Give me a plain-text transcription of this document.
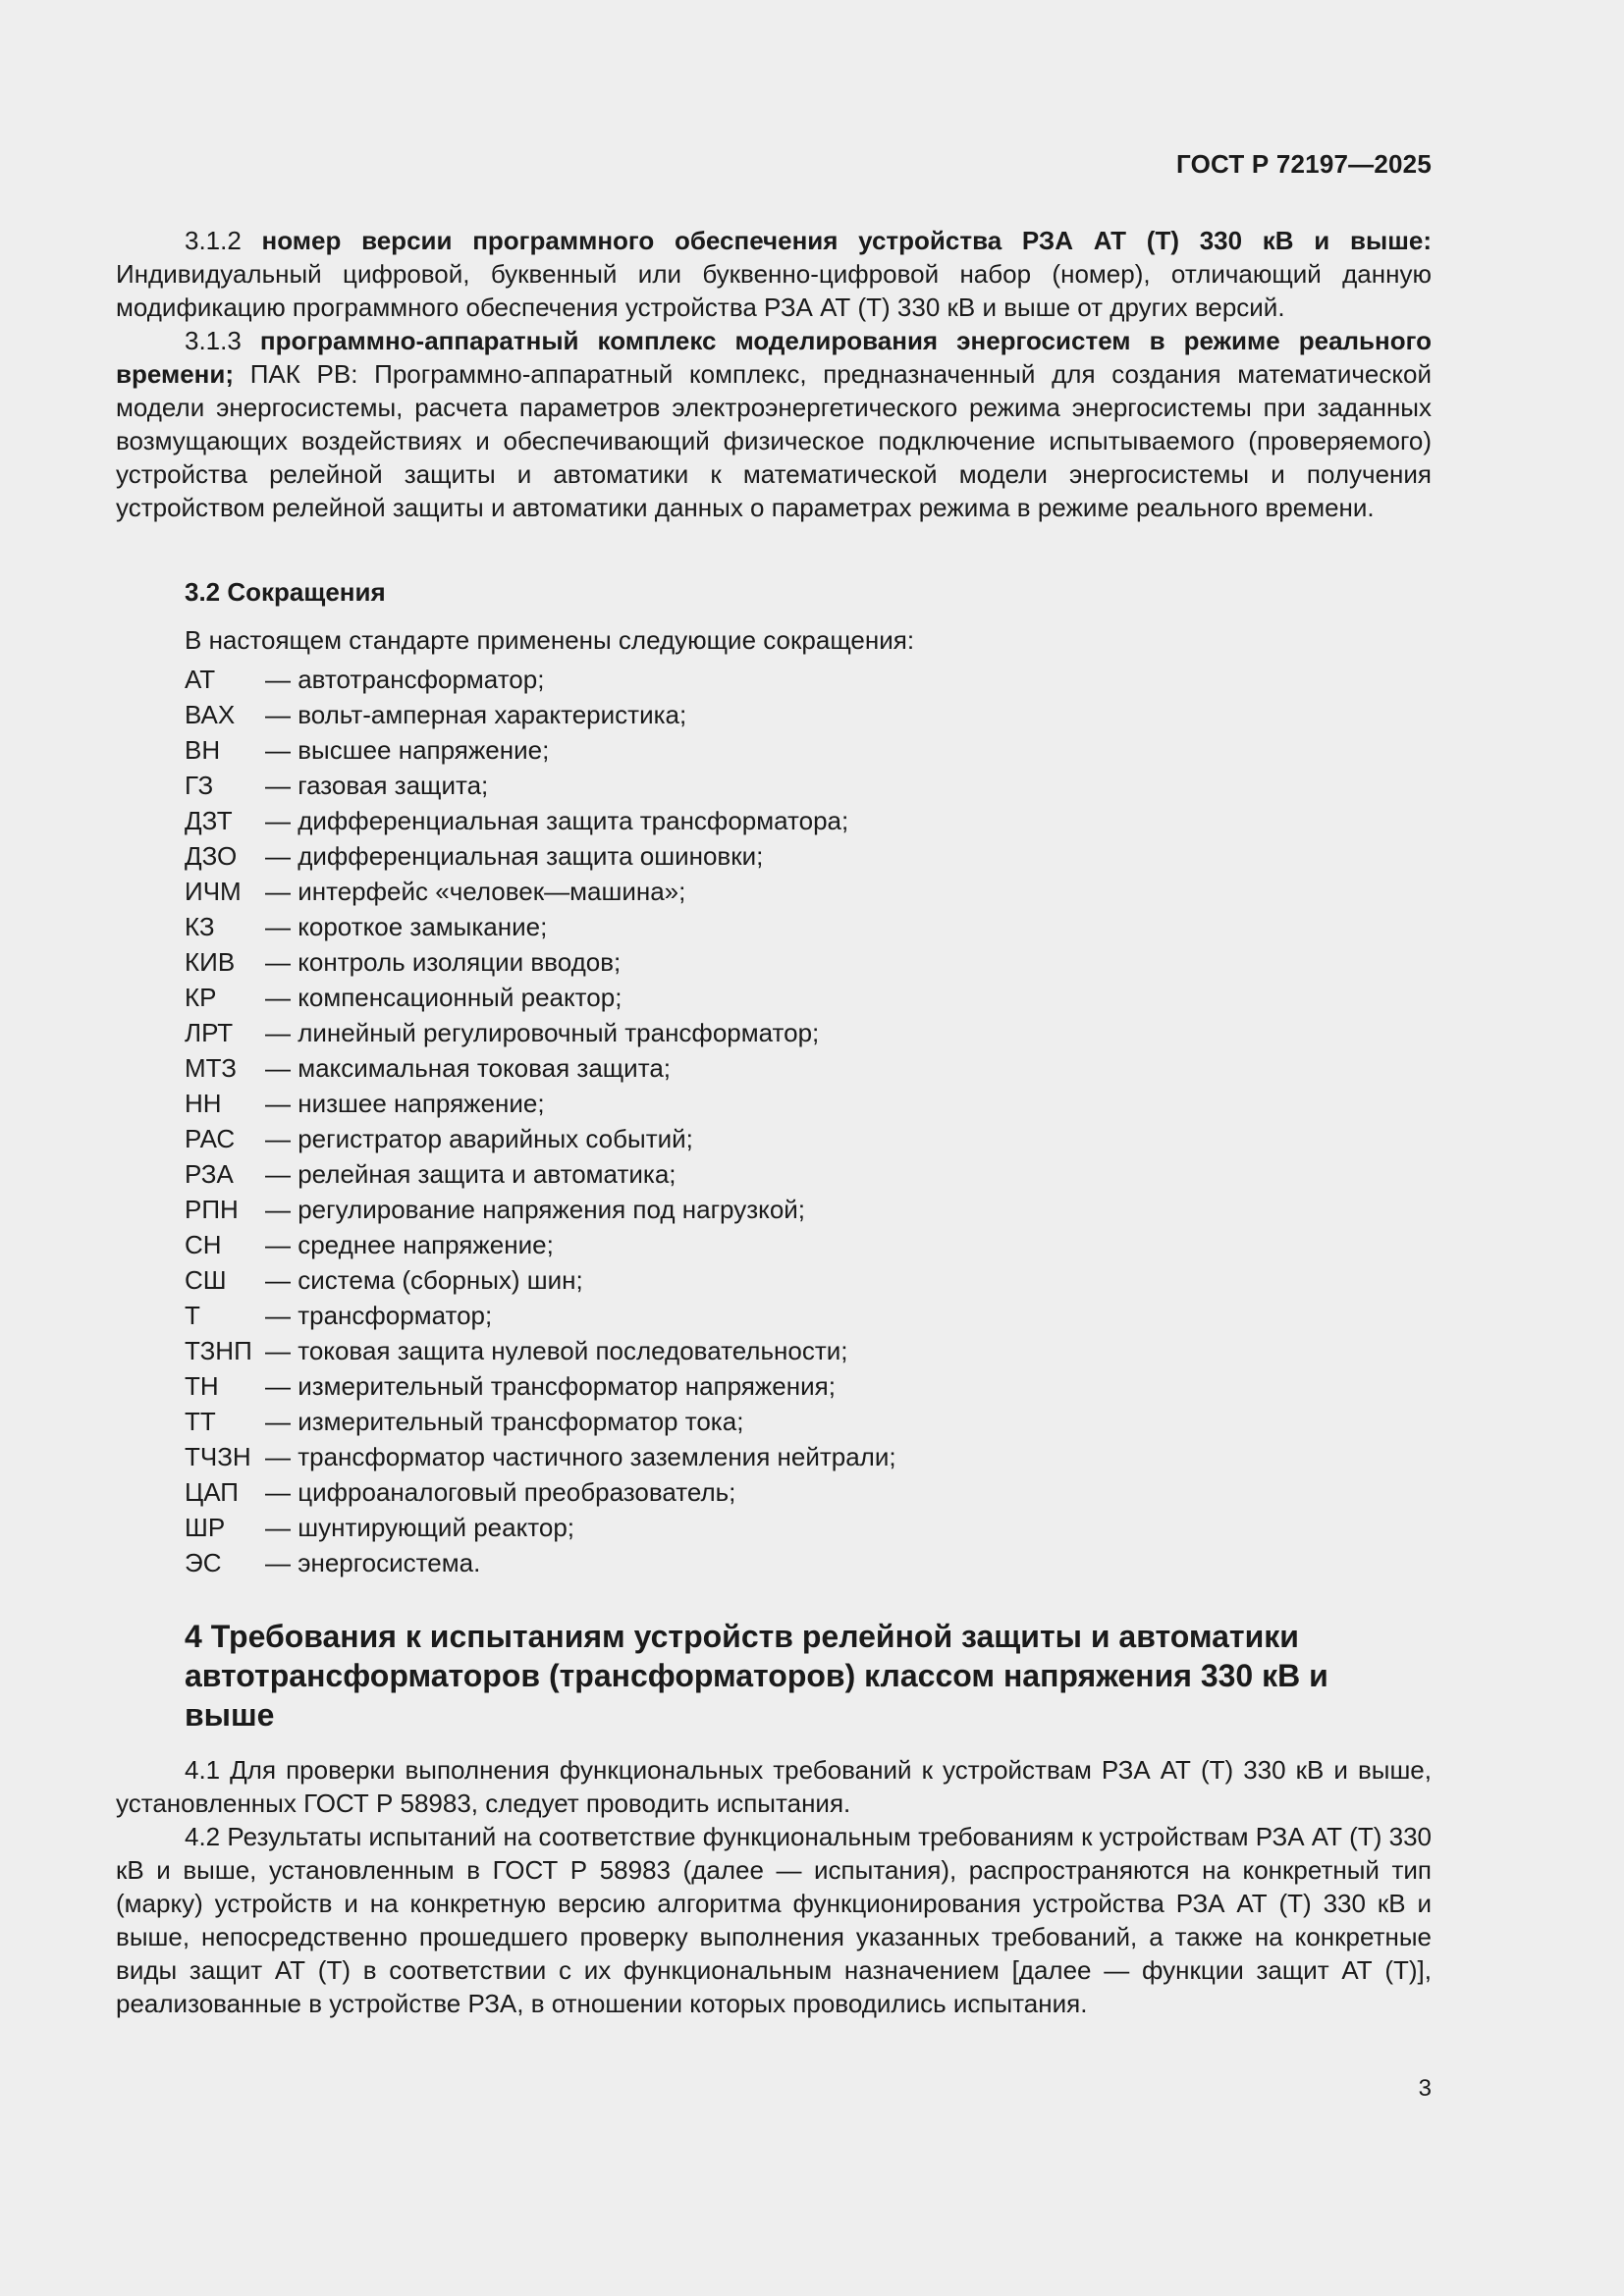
ГОСТ Р 72197—2025

3.1.2 номер версии программного обеспечения устройства РЗА АТ (Т) 330 кВ и выше: Индивидуальный цифровой, буквенный или буквенно-цифровой набор (номер), отличающий данную модификацию программного обеспечения устройства РЗА АТ (Т) 330 кВ и выше от других версий.

3.1.3 программно-аппаратный комплекс моделирования энергосистем в режиме реального времени; ПАК РВ: Программно-аппаратный комплекс, предназначенный для создания математической модели энергосистемы, расчета параметров электроэнергетического режима энергосистемы при заданных возмущающих воздействиях и обеспечивающий физическое подключение испытываемого (проверяемого) устройства релейной защиты и автоматики к математической модели энергосистемы и получения устройством релейной защиты и автоматики данных о параметрах режима в режиме реального времени.

3.2 Сокращения
В настоящем стандарте применены следующие сокращения:
АТ	— автотрансформатор;
ВАХ	— вольт-амперная характеристика;
ВН	— высшее напряжение;
ГЗ	— газовая защита;
ДЗТ	— дифференциальная защита трансформатора;
ДЗО	— дифференциальная защита ошиновки;
ИЧМ — интерфейс «человек—машина»;
КЗ	— короткое замыкание;
КИВ	— контроль изоляции вводов;
КР	— компенсационный реактор;
ЛРТ	— линейный регулировочный трансформатор;
МТЗ	— максимальная токовая защита;
НН	— низшее напряжение;
РАС	— регистратор аварийных событий;
РЗА	— релейная защита и автоматика;
РПН	— регулирование напряжения под нагрузкой;
СН	— среднее напряжение;
СШ	— система (сборных) шин;
Т	— трансформатор;
ТЗНП — токовая защита нулевой последовательности;
ТН	— измерительный трансформатор напряжения;
ТТ	— измерительный трансформатор тока;
ТЧЗН — трансформатор частичного заземления нейтрали;
ЦАП	— цифроаналоговый преобразователь;
ШР	— шунтирующий реактор;
ЭС	— энергосистема.
4 Требования к испытаниям устройств релейной защиты и автоматики автотрансформаторов (трансформаторов) классом напряжения 330 кВ и выше

4.1 Для проверки выполнения функциональных требований к устройствам РЗА АТ (Т) 330 кВ и выше, установленных ГОСТ Р 58983, следует проводить испытания.

4.2 Результаты испытаний на соответствие функциональным требованиям к устройствам РЗА АТ (Т) 330 кВ и выше, установленным в ГОСТ Р 58983 (далее — испытания), распространяются на конкретный тип (марку) устройств и на конкретную версию алгоритма функционирования устройства РЗА АТ (Т) 330 кВ и выше, непосредственно прошедшего проверку выполнения указанных требований, а также на конкретные виды защит АТ (Т) в соответствии с их функциональным назначением [далее — функции защит АТ (Т)], реализованные в устройстве РЗА, в отношении которых проводились испытания.

3
